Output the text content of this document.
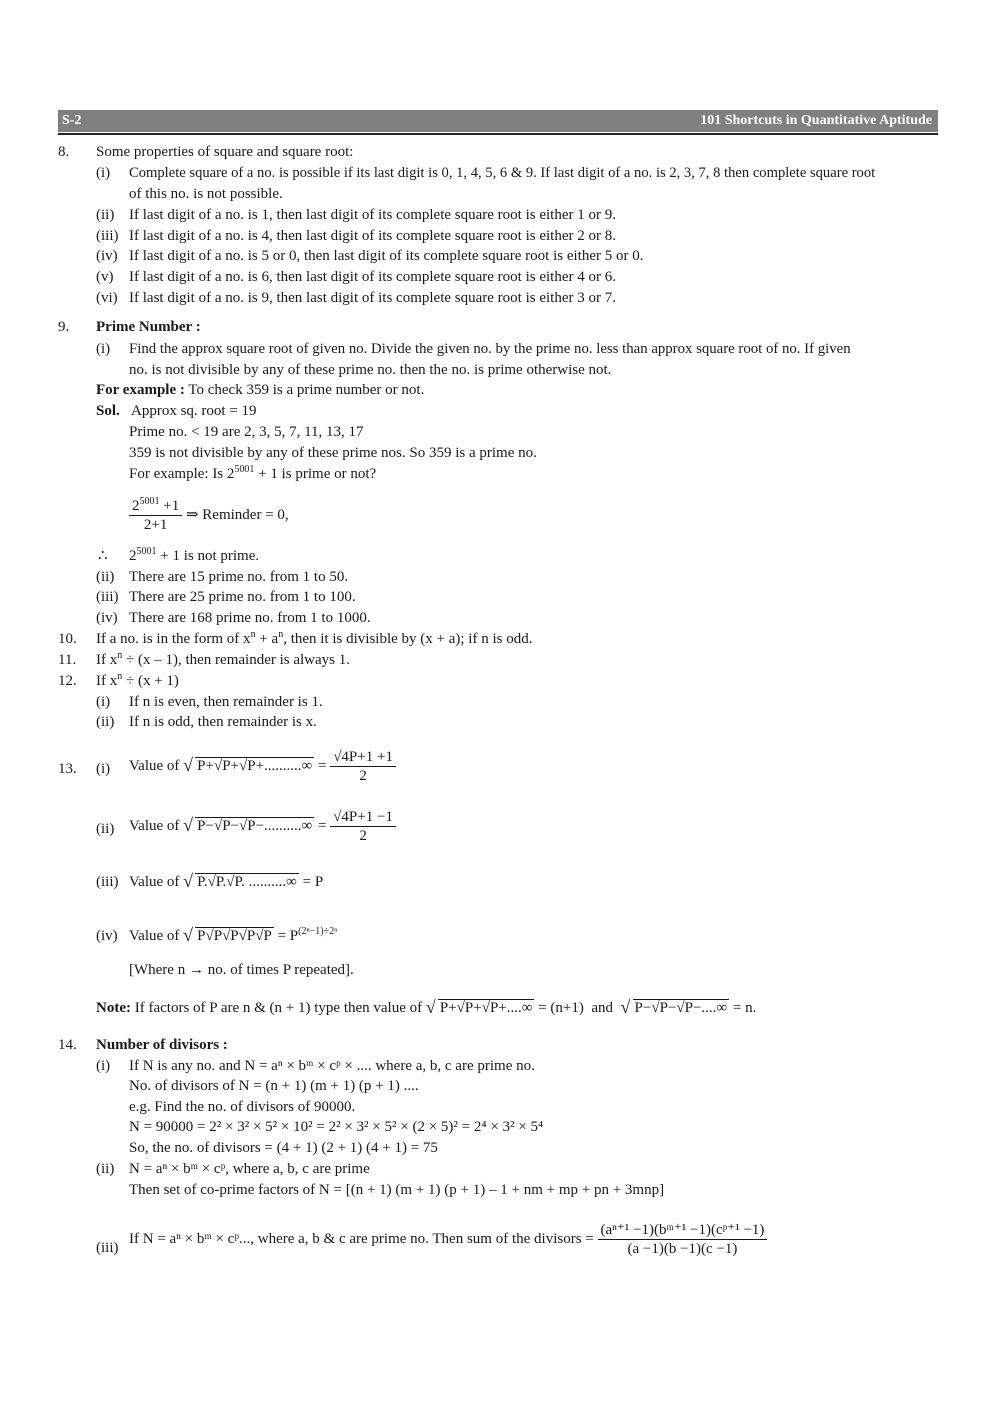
S-2	101 Shortcuts in Quantitative Aptitude
8. Some properties of square and square root:
(i) Complete square of a no. is possible if its last digit is 0, 1, 4, 5, 6 & 9. If last digit of a no. is 2, 3, 7, 8 then complete square root
of this no. is not possible.
(ii) If last digit of a no. is 1, then last digit of its complete square root is either 1 or 9.
(iii) If last digit of a no. is 4, then last digit of its complete square root is either 2 or 8.
(iv) If last digit of a no. is 5 or 0, then last digit of its complete square root is either 5 or 0.
(v) If last digit of a no. is 6, then last digit of its complete square root is either 4 or 6.
(vi) If last digit of a no. is 9, then last digit of its complete square root is either 3 or 7.
9. Prime Number :
(i) Find the approx square root of given no. Divide the given no. by the prime no. less than approx square root of no. If given
no. is not divisible by any of these prime no. then the no. is prime otherwise not.
For example : To check 359 is a prime number or not.
Sol. Approx sq. root = 19
Prime no. < 19 are 2, 3, 5, 7, 11, 13, 17
359 is not divisible by any of these prime nos. So 359 is a prime no.
For example: Is $2^{5001} + 1$ is prime or not?
$\frac{2^{5001} +1}{2+1}$ ⇒ Reminder = 0,
∴ $2^{5001} + 1$ is not prime.
(ii) There are 15 prime no. from 1 to 50.
(iii) There are 25 prime no. from 1 to 100.
(iv) There are 168 prime no. from 1 to 1000.
10. If a no. is in the form of $x^n + a^n$, then it is divisible by (x + a); if n is odd.
11. If $x^n \div (x - 1)$, then remainder is always 1.
12. If $x^n \div (x + 1)$
(i) If n is even, then remainder is 1.
(ii) If n is odd, then remainder is x.
13. (i) Value of √ $P+√P+√P+..........\infty = \frac{√4P+1 +1}{2}$
(ii) Value of √ $P-√P-√P-..........\infty = \frac{√4P+1 -1}{2}$
(iii) Value of √ P.√P.√P. ..........∞ = P
(iv) Value of √ $P√P√P√P√P = P^{(2^n-1)\div 2^n}$
[Where n → no. of times P repeated].
Note: If factors of P are n & (n + 1) type then value of √ P+√P+√P+....∞ = (n+1) and √ P−√P−√P−....∞ = n.
14. Number of divisors :
(i) If N is any no. and N = aⁿ × bᵐ × cᵖ × .... where a, b, c are prime no.
No. of divisors of N = (n + 1) (m + 1) (p + 1) ....
e.g. Find the no. of divisors of 90000.
N = 90000 = 2² × 3² × 5² × 10² = 2² × 3² × 5² × (2 × 5)² = 2⁴ × 3² × 5⁴
So, the no. of divisors = (4 + 1) (2 + 1) (4 + 1) = 75
(ii) N = aⁿ × bᵐ × cᵖ, where a, b, c are prime
Then set of co-prime factors of N = [(n + 1) (m + 1) (p + 1) – 1 + nm + mp + pn + 3mnp]
(iii)
If N = aⁿ × bᵐ × cᵖ..., where a, b & c are prime no. Then sum of the divisors = $\frac{\text{(aⁿ⁺¹ −1)(bᵐ⁺¹ −1)(cᵖ⁺¹ −1)}}{(a -1)(b -1)(c -1)}$
